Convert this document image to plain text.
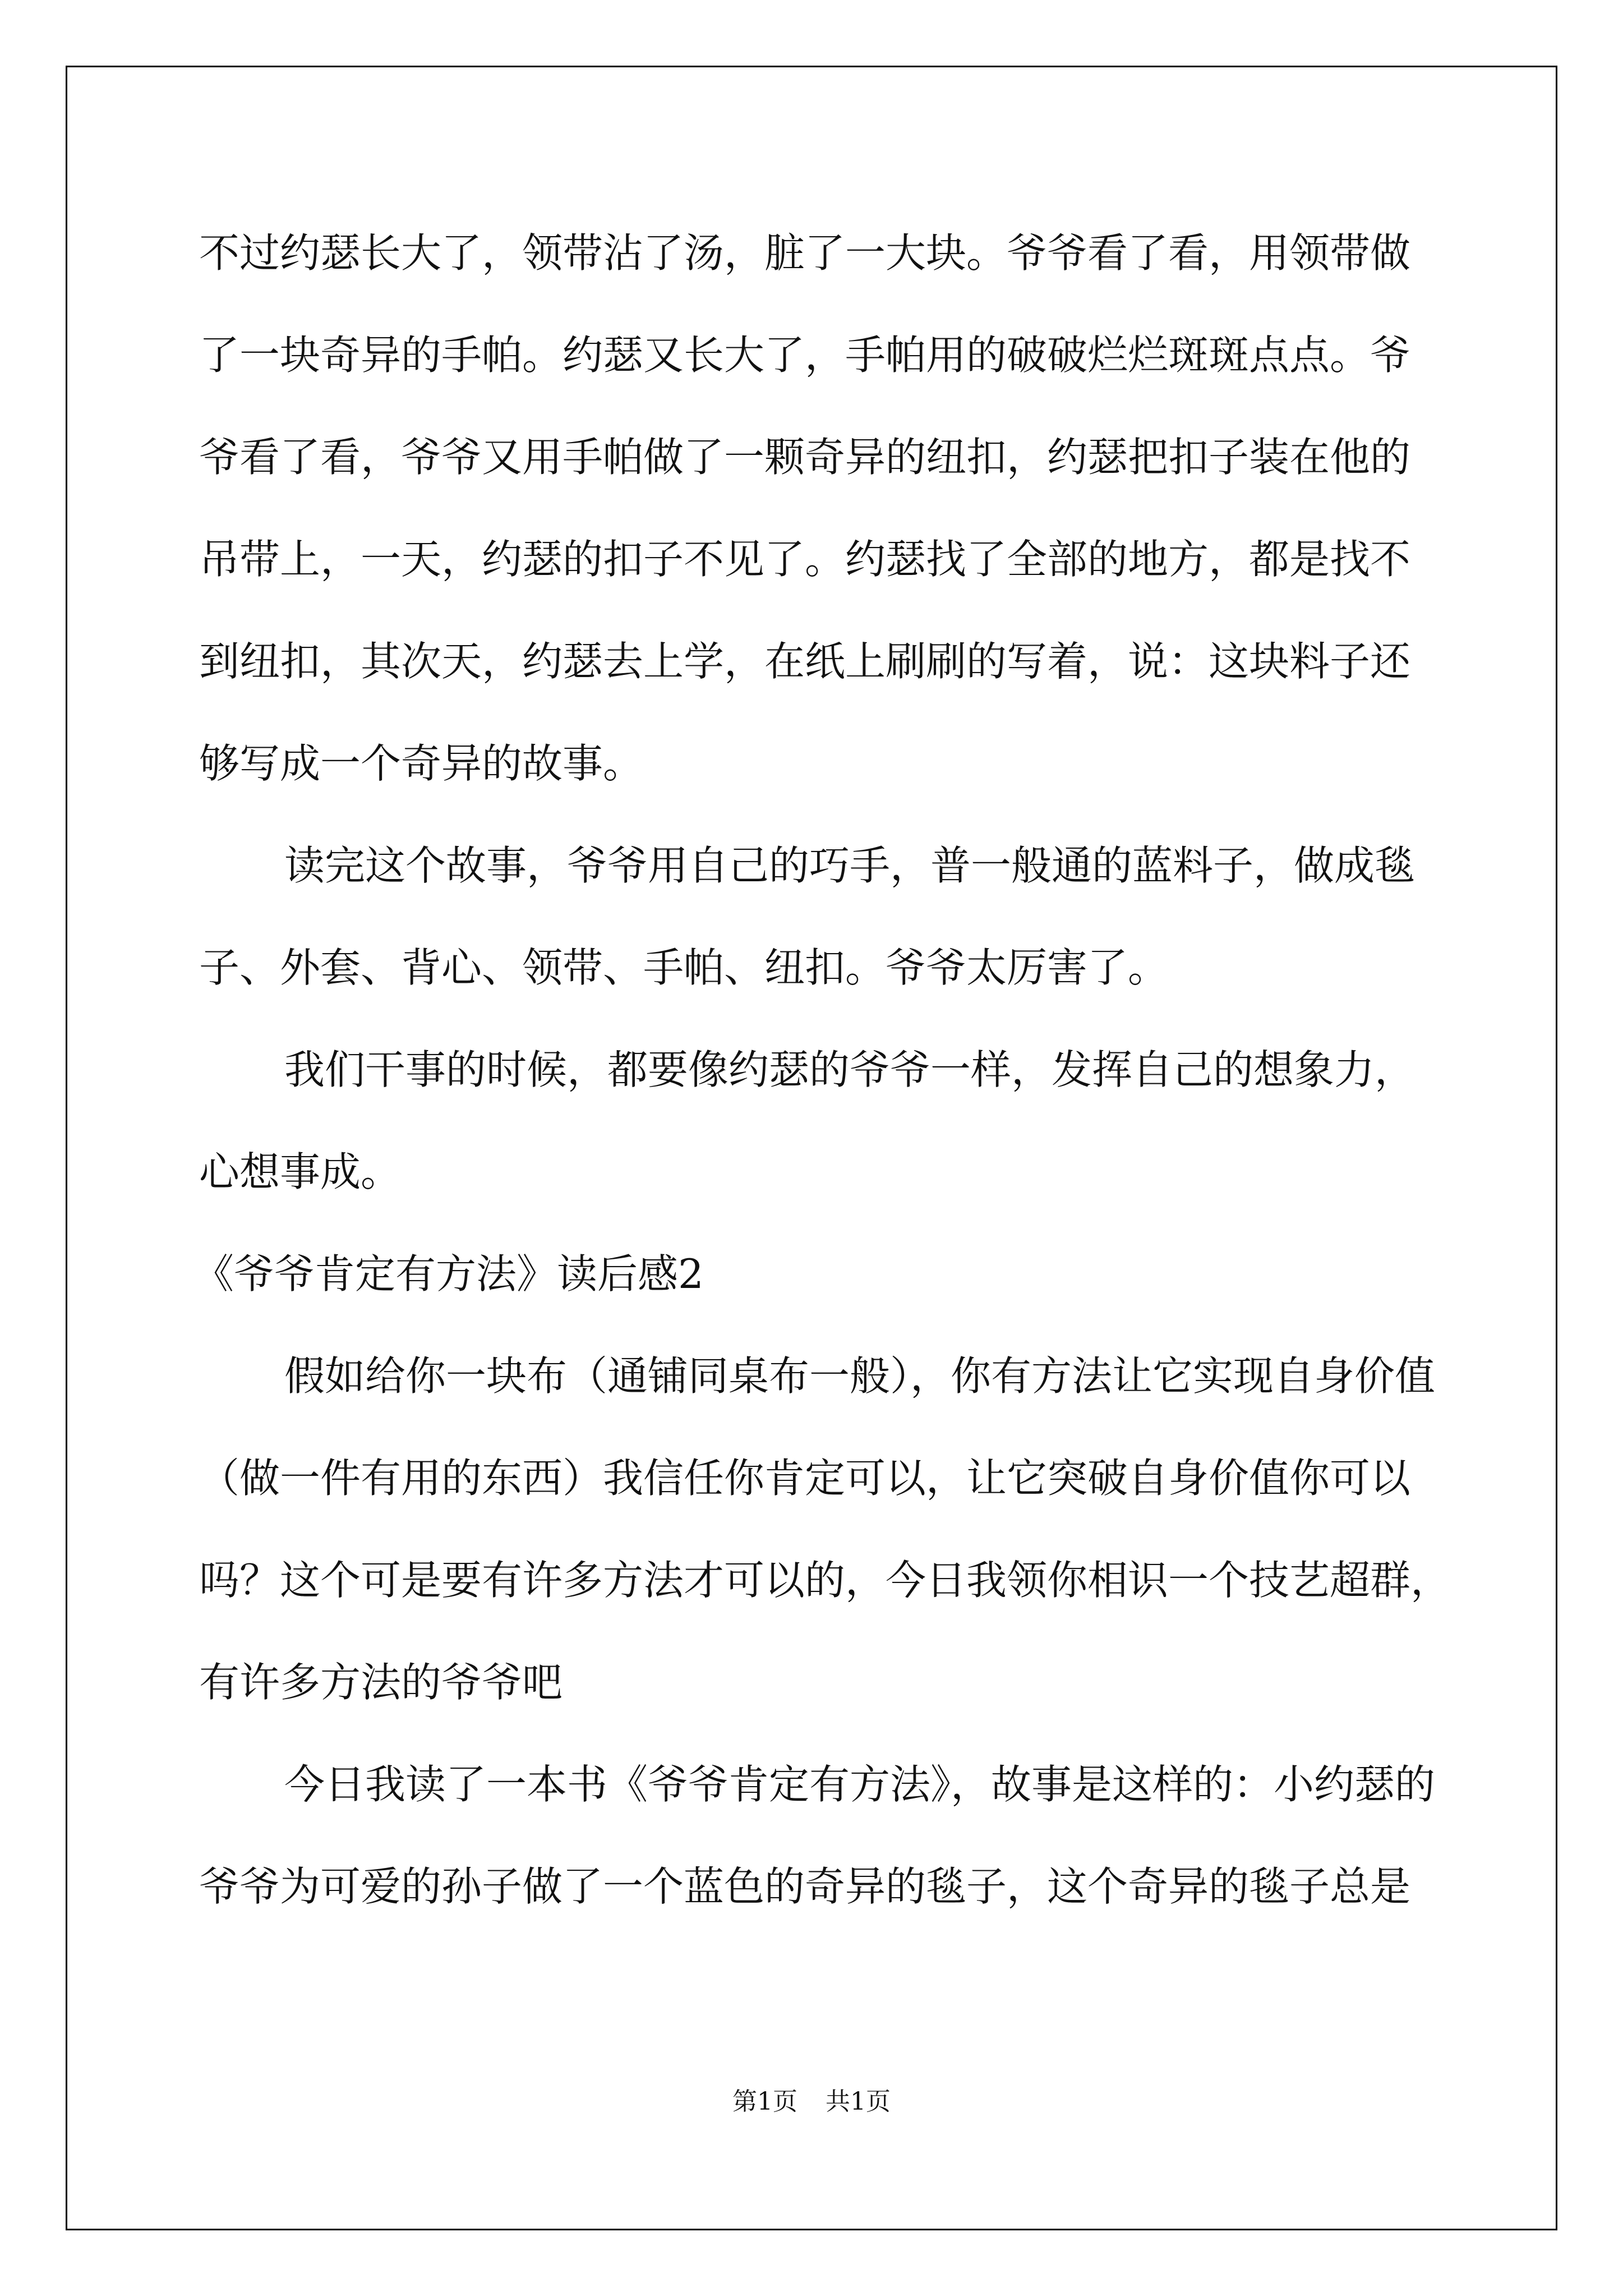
不过约瑟长大了，领带沾了汤，脏了一大块。爷爷看了看，用领带做
了一块奇异的手帕。约瑟又长大了，手帕用的破破烂烂斑斑点点。爷
爷看了看，爷爷又用手帕做了一颗奇异的纽扣，约瑟把扣子装在他的
吊带上，一天，约瑟的扣子不见了。约瑟找了全部的地方，都是找不
到纽扣，其次天，约瑟去上学，在纸上刷刷的写着，说：这块料子还
够写成一个奇异的故事。
读完这个故事，爷爷用自己的巧手，普一般通的蓝料子，做成毯
子、外套、背心、领带、手帕、纽扣。爷爷太厉害了。
我们干事的时候，都要像约瑟的爷爷一样，发挥自己的想象力，
心想事成。
《爷爷肯定有方法》读后感2
假如给你一块布（通铺同桌布一般），你有方法让它实现自身价值
（做一件有用的东西）我信任你肯定可以，让它突破自身价值你可以
吗？这个可是要有许多方法才可以的，今日我领你相识一个技艺超群，
有许多方法的爷爷吧
今日我读了一本书《爷爷肯定有方法》，故事是这样的：小约瑟的
爷爷为可爱的孙子做了一个蓝色的奇异的毯子，这个奇异的毯子总是
第1页 共1页
